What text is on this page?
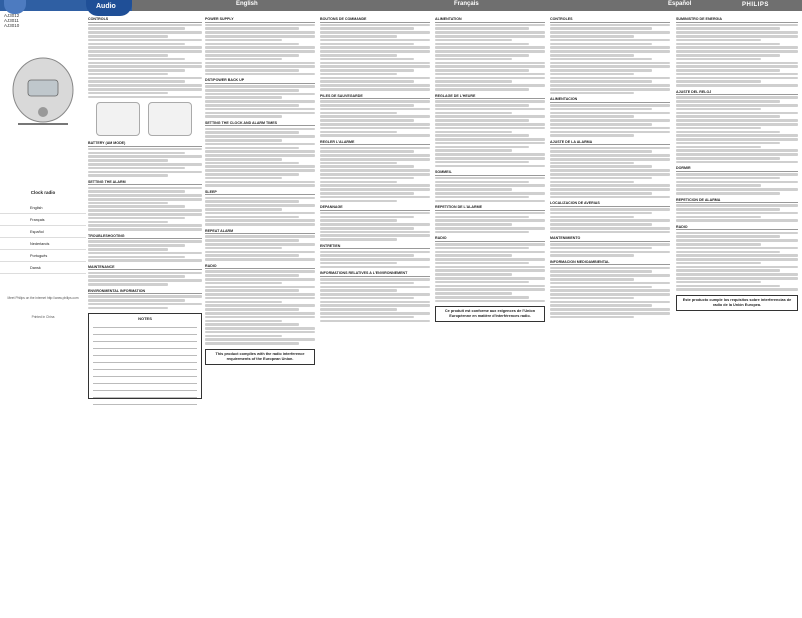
English	Français	Español
Audio
AJ3012
AJ3011
AJ3010
Clock radio
English
Français
Español
Nederlands
Português
Dansk
Meet Philips on the internet http://www.philips.com
Printed in China
CONTROLS
BATTERY (AM MODE)
SETTING THE ALARM
TROUBLESHOOTING
MAINTENANCE
ENVIRONMENTAL INFORMATION
NOTES
POWER SUPPLY
DST/POWER BACK UP
SETTING THE CLOCK AND ALARM TIMES
SLEEP
REPEAT ALARM
RADIO
This product complies with the radio interference requirements of the European Union.
BOUTONS DE COMMANDE
PILES DE SAUVEGARDE
REGLER L'ALARME
DEPANNAGE
ENTRETIEN
INFORMATIONS RELATIVES A L'ENVIRONNEMENT
ALIMENTATION
REGLAGE DE L'HEURE
SOMMEIL
REPETITION DE L'ALARME
RADIO
Ce produit est conforme aux exigences de l'Union Européenne en matière d'interférences radio.
CONTROLES
ALIMENTACION
AJUSTE DE LA ALARMA
LOCALIZACION DE AVERIAS
MANTENIMIENTO
INFORMACION MEDIOAMBIENTAL
SUMINISTRO DE ENERGIA
AJUSTE DEL RELOJ
DORMIR
REPETICION DE ALARMA
RADIO
Este producto cumple los requisitos sobre interferencias de radio de la Unión Europea.
PHILIPS
